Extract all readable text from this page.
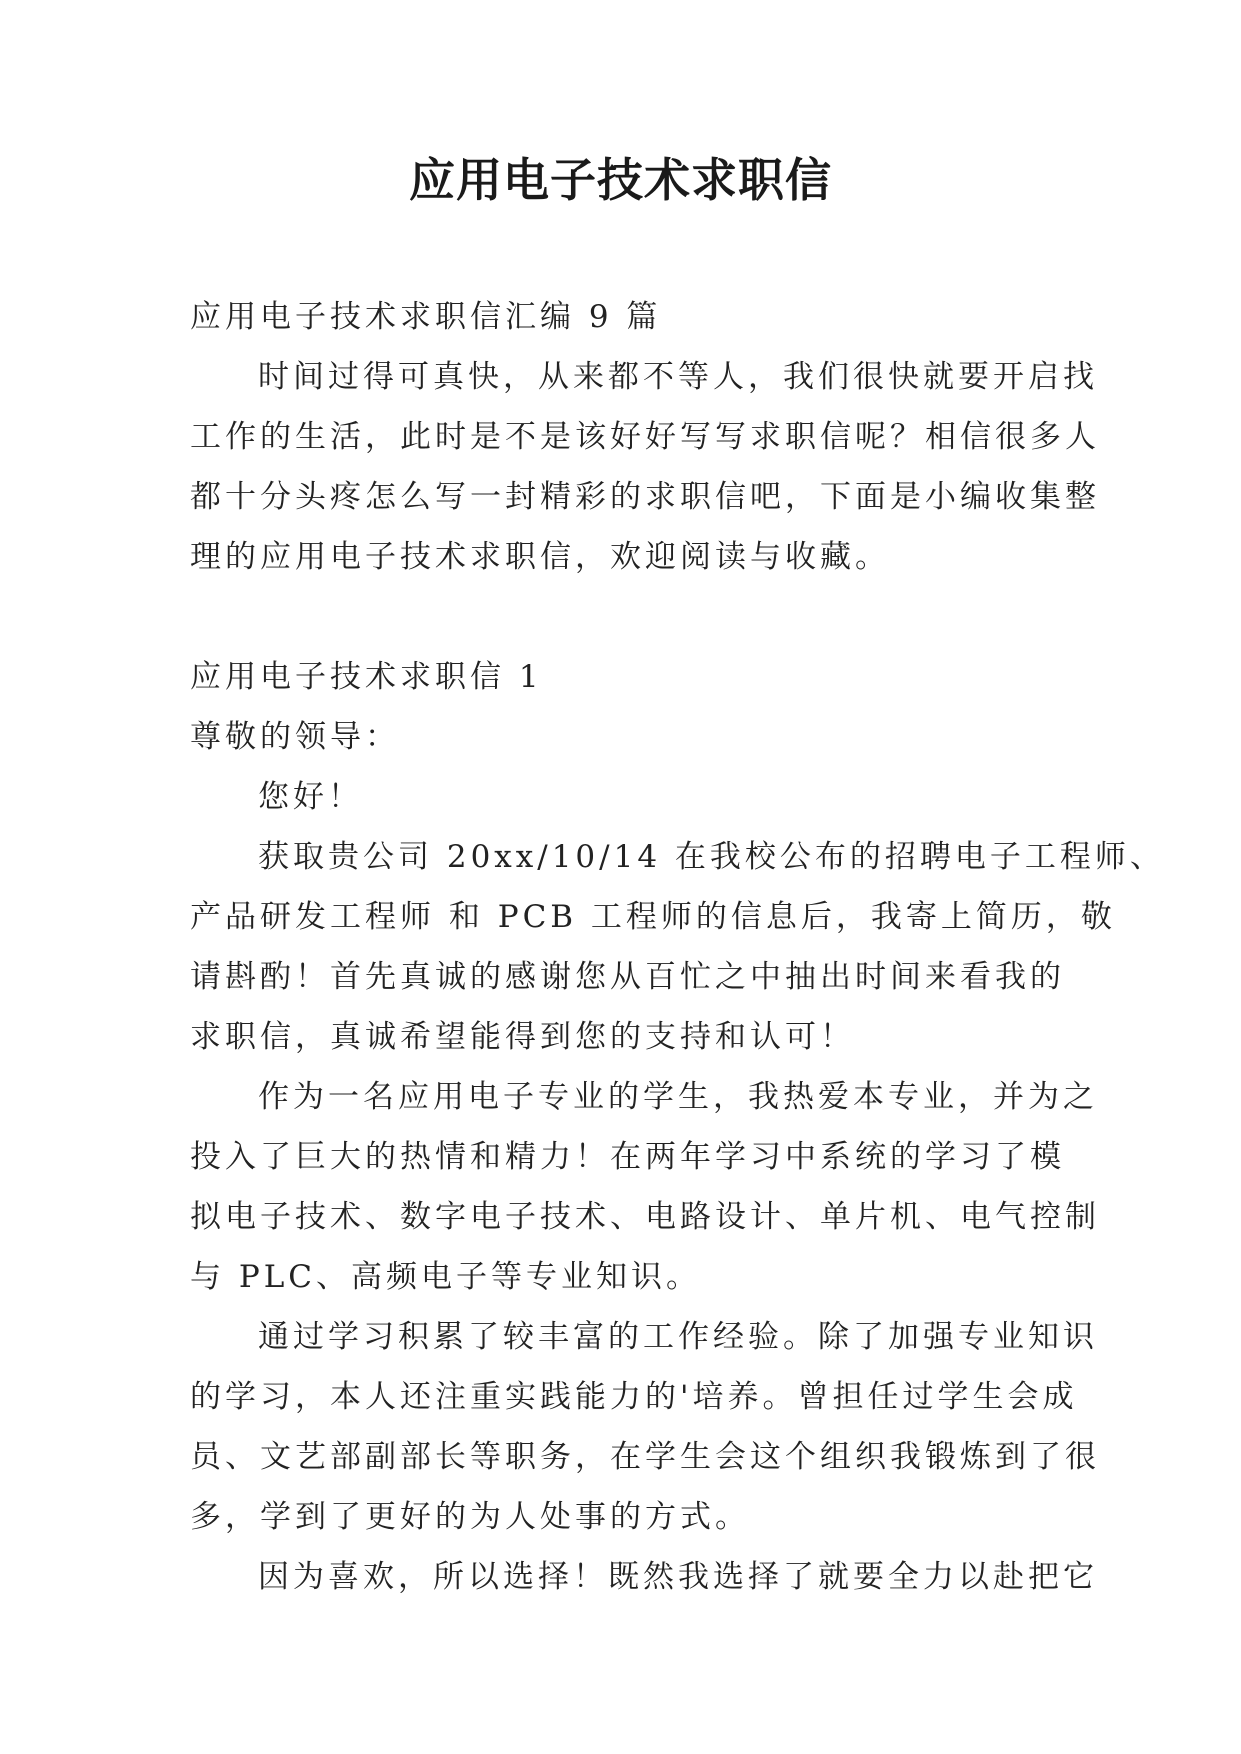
应用电子技术求职信

应用电子技术求职信汇编 9 篇

时间过得可真快，从来都不等人，我们很快就要开启找

工作的生活，此时是不是该好好写写求职信呢？相信很多人

都十分头疼怎么写一封精彩的求职信吧，下面是小编收集整

理的应用电子技术求职信，欢迎阅读与收藏。

应用电子技术求职信 1

尊敬的领导：

您好！

获取贵公司 20xx/10/14 在我校公布的招聘电子工程师、

产品研发工程师 和 PCB 工程师的信息后，我寄上简历，敬

请斟酌！首先真诚的感谢您从百忙之中抽出时间来看我的

求职信，真诚希望能得到您的支持和认可！

作为一名应用电子专业的学生，我热爱本专业，并为之

投入了巨大的热情和精力！在两年学习中系统的学习了模

拟电子技术、数字电子技术、电路设计、单片机、电气控制

与 PLC、高频电子等专业知识。

通过学习积累了较丰富的工作经验。除了加强专业知识

的学习，本人还注重实践能力的'培养。曾担任过学生会成

员、文艺部副部长等职务，在学生会这个组织我锻炼到了很

多，学到了更好的为人处事的方式。

因为喜欢，所以选择！既然我选择了就要全力以赴把它
